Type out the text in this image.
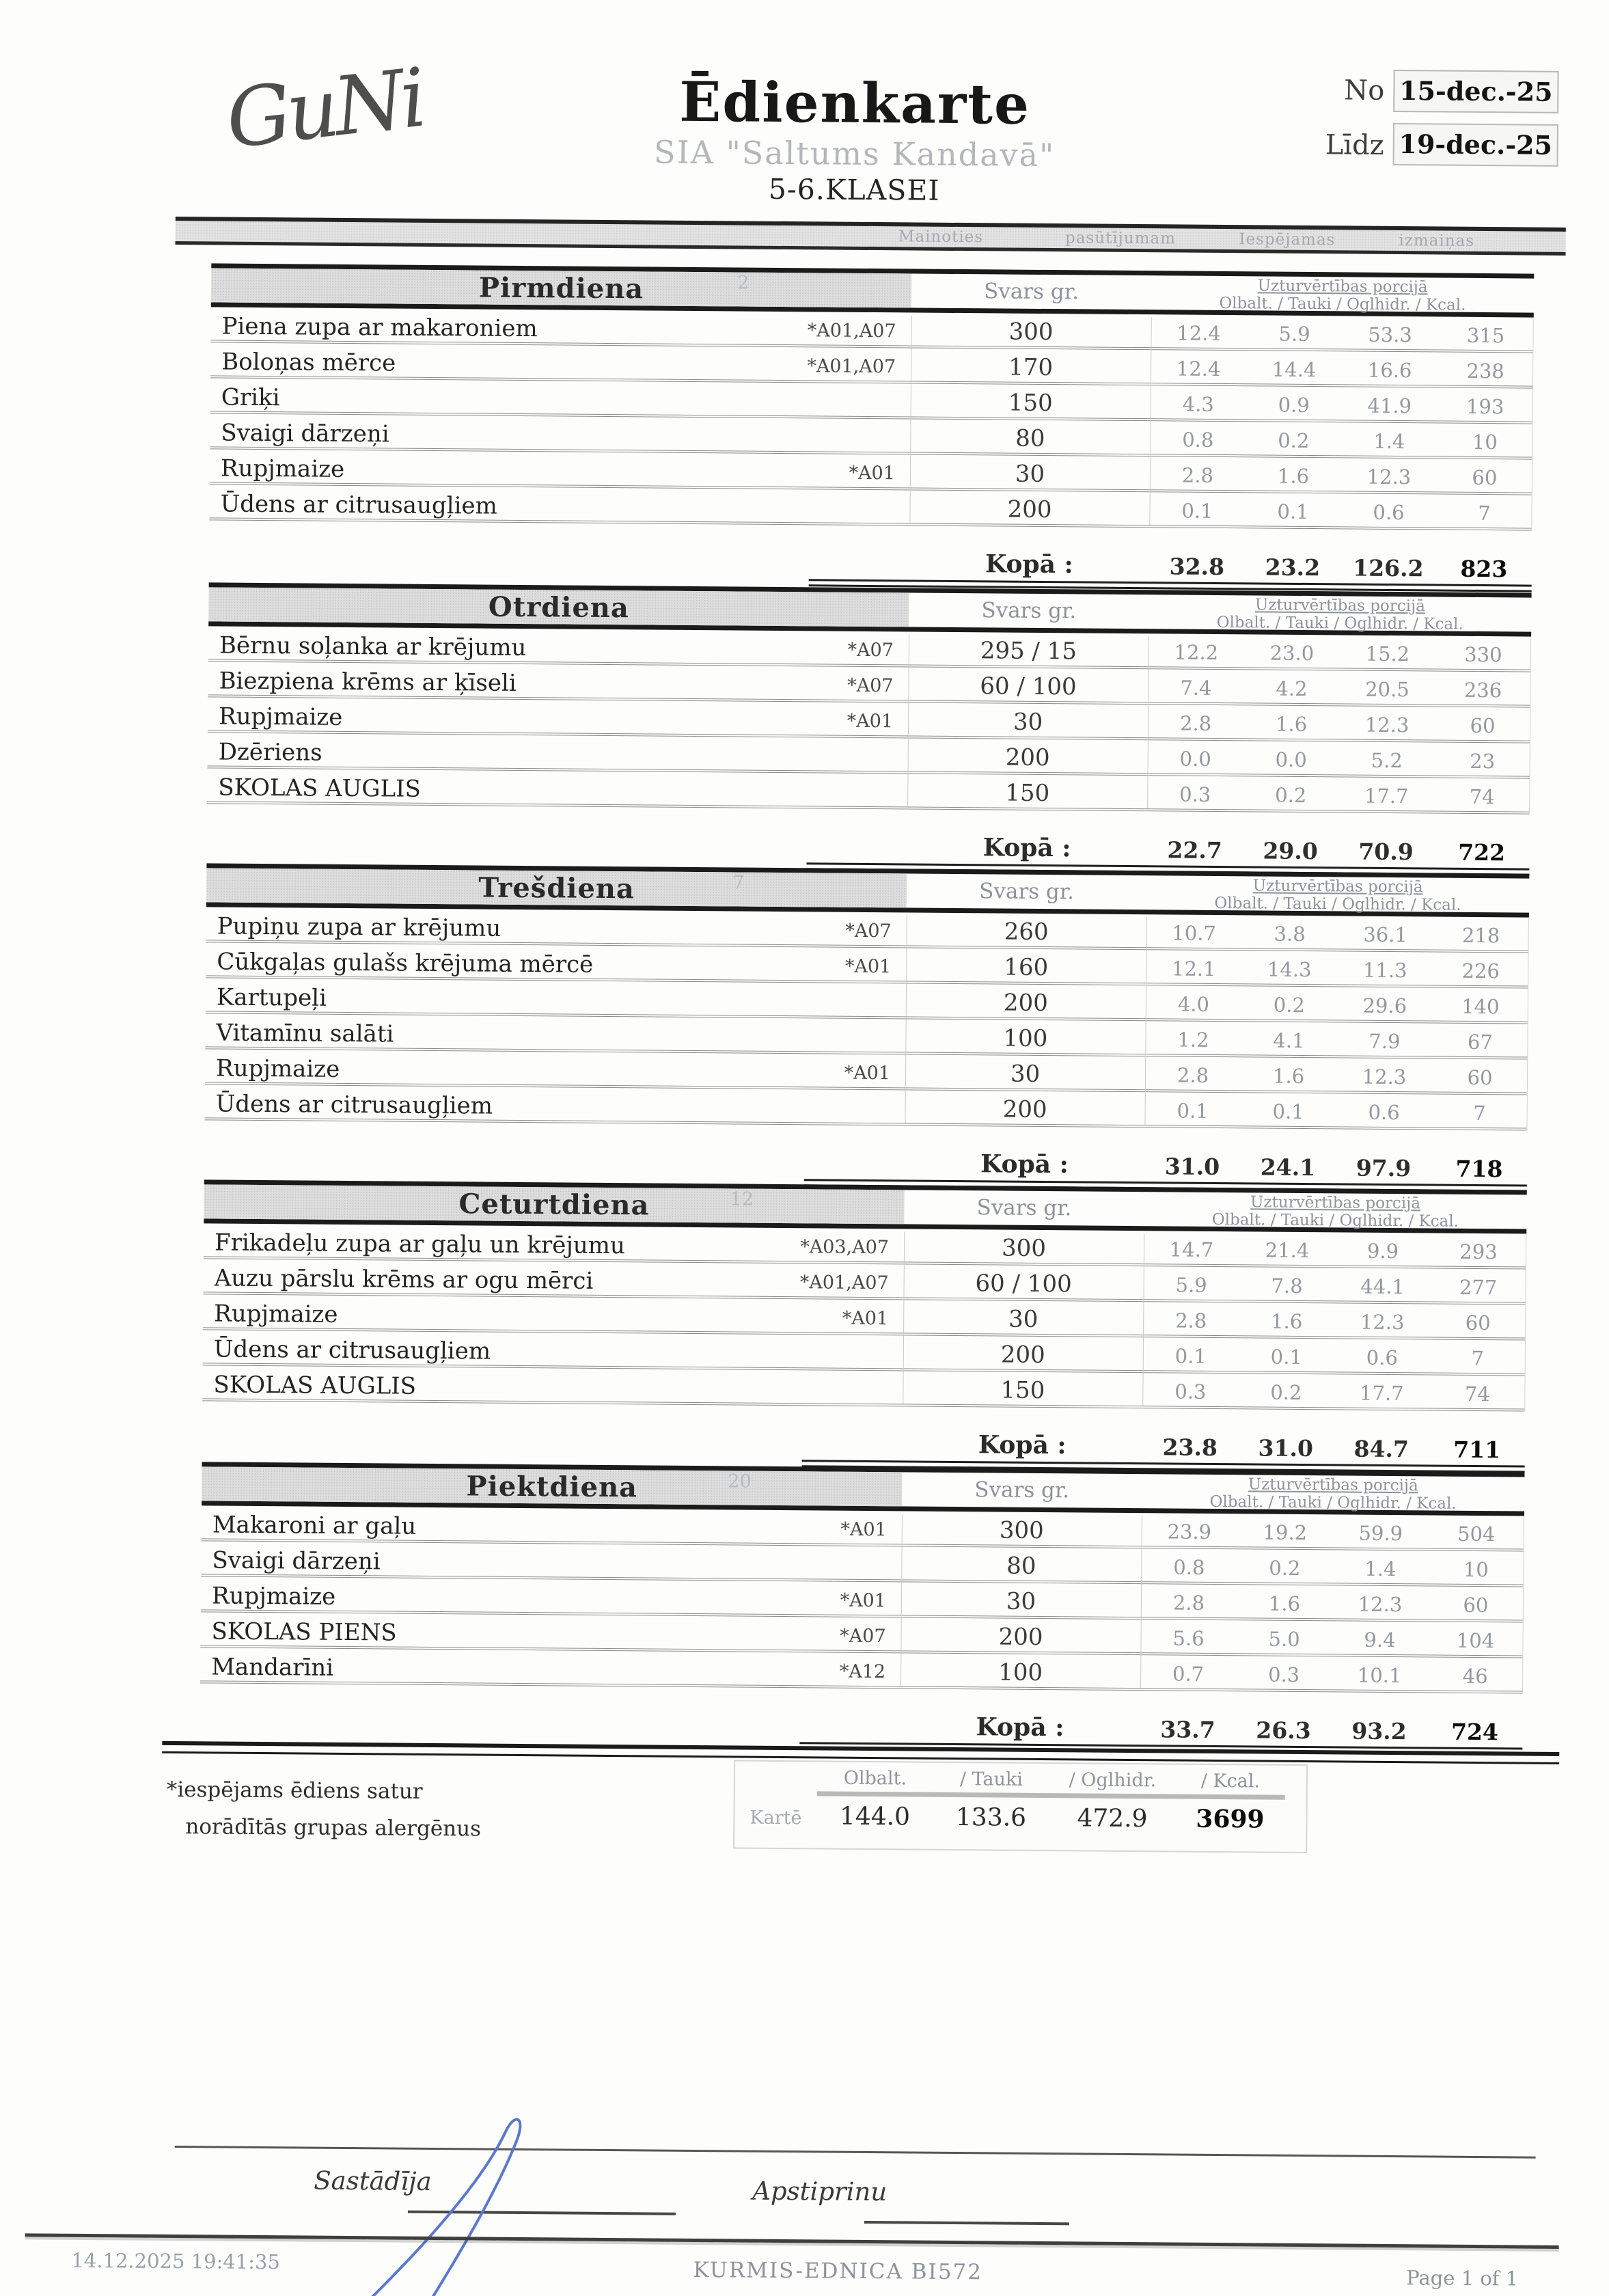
GuNi	Ēdienkarte
SIA "Saltums Kandavā"
5-6.KLASEI
No 15-dec.-25
Līdz 19-dec.-25
Mainoties	pasūtījumam	Iespējamas	izmaiņas
Pirmdiena	2	Svars gr.	Uzturvērtības porcijā
Olbalt. / Tauki / Oglhidr. / Kcal.
Piena zupa ar makaroniem	*A01,A07	300	12.4	5.9	53.3	315
Boloņas mērce	*A01,A07	170	12.4	14.4	16.6	238
Griķi	150	4.3	0.9	41.9	193
Svaigi dārzeņi	80	0.8	0.2	1.4	10
Rupjmaize	*A01	30	2.8	1.6	12.3	60
Ūdens ar citrusaugļiem	200	0.1	0.1	0.6	7
Kopā :	32.8	23.2	126.2	823
Otrdiena	Svars gr.	Uzturvērtības porcijā
Olbalt. / Tauki / Oglhidr. / Kcal.
Bērnu soļanka ar krējumu	*A07	295 / 15	12.2	23.0	15.2	330
Biezpiena krēms ar ķīseli	*A07	60 / 100	7.4	4.2	20.5	236
Rupjmaize	*A01	30	2.8	1.6	12.3	60
Dzēriens	200	0.0	0.0	5.2	23
SKOLAS AUGLIS	150	0.3	0.2	17.7	74
Kopā :	22.7	29.0	70.9	722
Trešdiena	7	Svars gr.	Uzturvērtības porcijā
Olbalt. / Tauki / Oglhidr. / Kcal.
Pupiņu zupa ar krējumu	*A07	260	10.7	3.8	36.1	218
Cūkgaļas gulašs krējuma mērcē	*A01	160	12.1	14.3	11.3	226
Kartupeļi	200	4.0	0.2	29.6	140
Vitamīnu salāti	100	1.2	4.1	7.9	67
Rupjmaize	*A01	30	2.8	1.6	12.3	60
Ūdens ar citrusaugļiem	200	0.1	0.1	0.6	7
Kopā :	31.0	24.1	97.9	718
Ceturtdiena	12	Svars gr.	Uzturvērtības porcijā
Olbalt. / Tauki / Oglhidr. / Kcal.
Frikadeļu zupa ar gaļu un krējumu	*A03,A07	300	14.7	21.4	9.9	293
Auzu pārslu krēms ar ogu mērci	*A01,A07	60 / 100	5.9	7.8	44.1	277
Rupjmaize	*A01	30	2.8	1.6	12.3	60
Ūdens ar citrusaugļiem	200	0.1	0.1	0.6	7
SKOLAS AUGLIS	150	0.3	0.2	17.7	74
Kopā :	23.8	31.0	84.7	711
Piektdiena	20	Svars gr.	Uzturvērtības porcijā
Olbalt. / Tauki / Oglhidr. / Kcal.
Makaroni ar gaļu	*A01	300	23.9	19.2	59.9	504
Svaigi dārzeņi	80	0.8	0.2	1.4	10
Rupjmaize	*A01	30	2.8	1.6	12.3	60
SKOLAS PIENS	*A07	200	5.6	5.0	9.4	104
Mandarīni	*A12	100	0.7	0.3	10.1	46
Kopā :	33.7	26.3	93.2	724
*iespējams ēdiens satur
norādītās grupas alergēnus
Olbalt.	/ Tauki	/ Oglhidr.	/ Kcal.
Kartē	144.0	133.6	472.9	3699
Sastādīja	Apstiprinu
14.12.2025 19:41:35	KURMIS-EDNICA BI572	Page 1 of 1
